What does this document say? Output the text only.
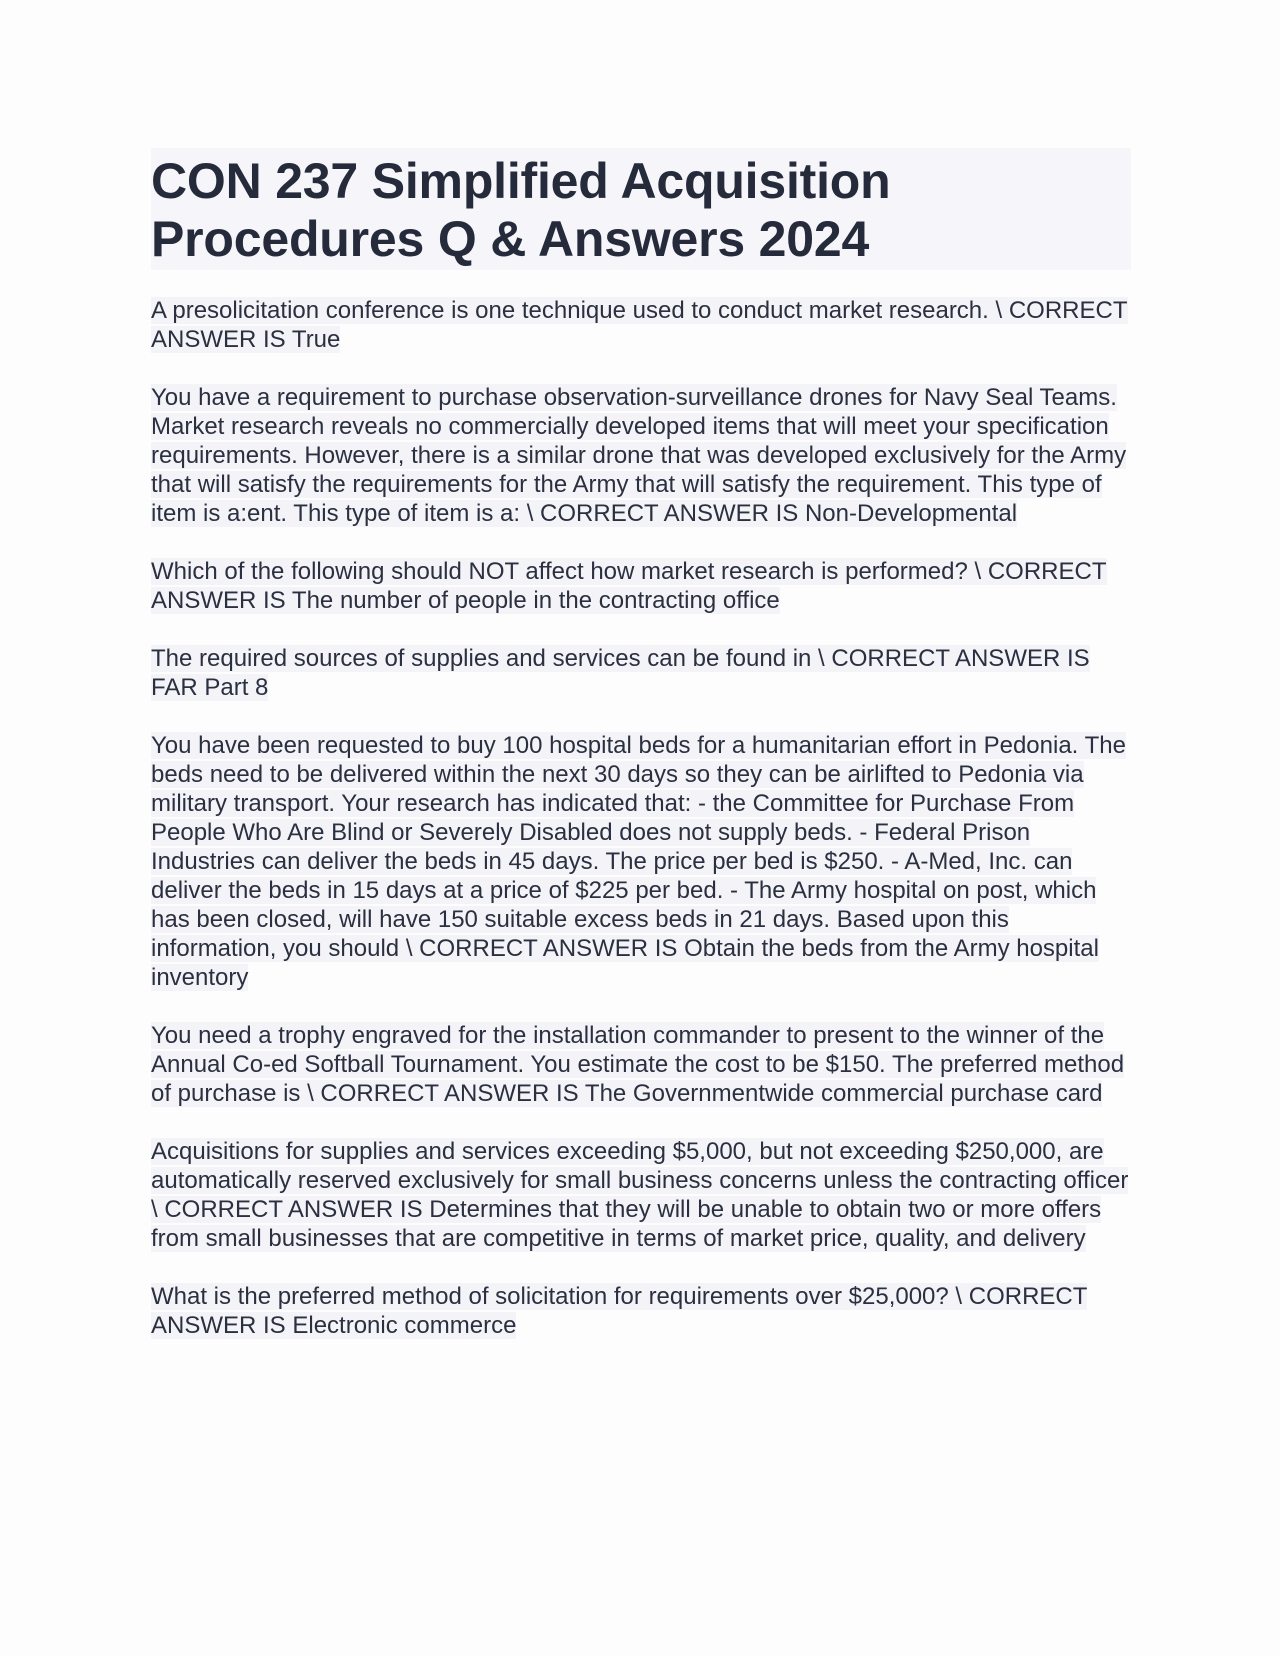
CON 237 Simplified Acquisition Procedures Q & Answers 2024

A presolicitation conference is one technique used to conduct market research. \ CORRECT ANSWER IS True

You have a requirement to purchase observation-surveillance drones for Navy Seal Teams. Market research reveals no commercially developed items that will meet your specification requirements. However, there is a similar drone that was developed exclusively for the Army that will satisfy the requirements for the Army that will satisfy the requirement. This type of item is a:ent. This type of item is a: \ CORRECT ANSWER IS Non-Developmental

Which of the following should NOT affect how market research is performed? \ CORRECT ANSWER IS The number of people in the contracting office

The required sources of supplies and services can be found in \ CORRECT ANSWER IS FAR Part 8

You have been requested to buy 100 hospital beds for a humanitarian effort in Pedonia. The beds need to be delivered within the next 30 days so they can be airlifted to Pedonia via military transport. Your research has indicated that: - the Committee for Purchase From People Who Are Blind or Severely Disabled does not supply beds. - Federal Prison Industries can deliver the beds in 45 days. The price per bed is $250. - A-Med, Inc. can deliver the beds in 15 days at a price of $225 per bed. - The Army hospital on post, which has been closed, will have 150 suitable excess beds in 21 days. Based upon this information, you should \ CORRECT ANSWER IS Obtain the beds from the Army hospital inventory

You need a trophy engraved for the installation commander to present to the winner of the Annual Co-ed Softball Tournament. You estimate the cost to be $150. The preferred method of purchase is \ CORRECT ANSWER IS The Governmentwide commercial purchase card

Acquisitions for supplies and services exceeding $5,000, but not exceeding $250,000, are automatically reserved exclusively for small business concerns unless the contracting officer \ CORRECT ANSWER IS Determines that they will be unable to obtain two or more offers from small businesses that are competitive in terms of market price, quality, and delivery

What is the preferred method of solicitation for requirements over $25,000? \ CORRECT ANSWER IS Electronic commerce
